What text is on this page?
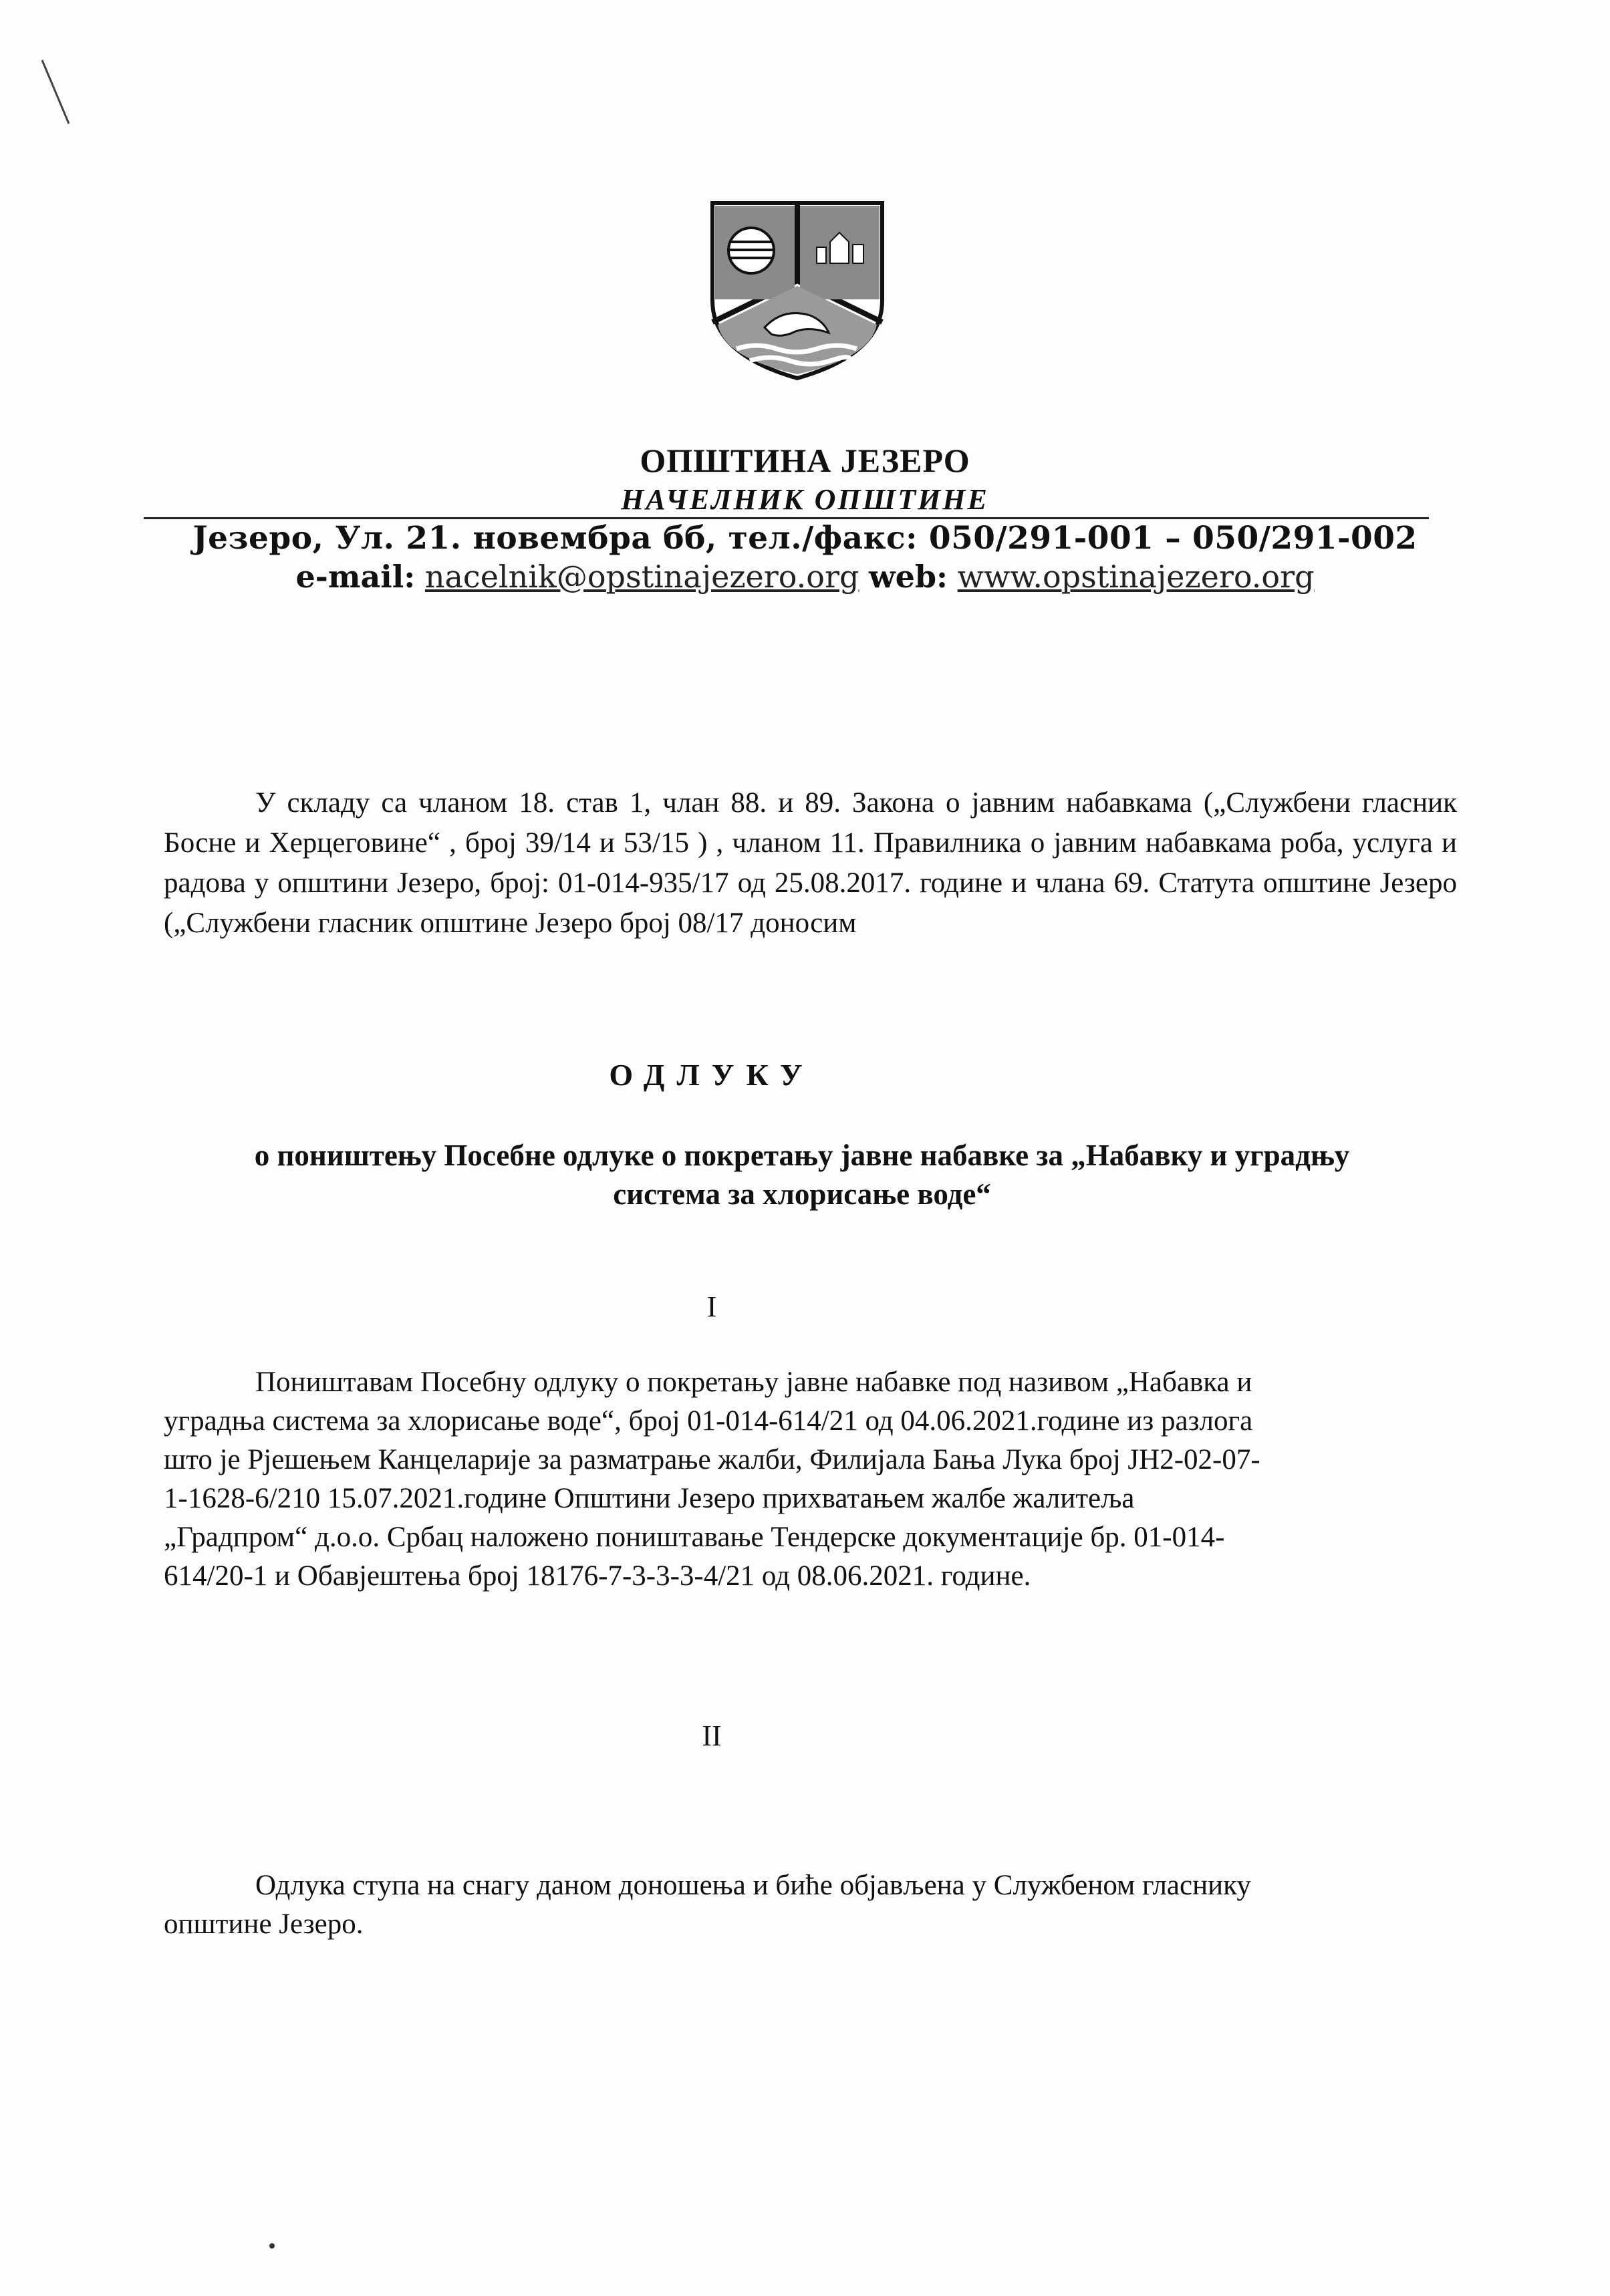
ОПШТИНА ЈЕЗЕРО
НАЧЕЛНИК ОПШТИНЕ
Језеро, Ул. 21. новембра бб, тел./факс: 050/291-001 – 050/291-002
e-mail: nacelnik@opstinajezero.org web: www.opstinajezero.org
У складу са чланом 18. став 1, члан 88. и 89. Закона о јавним набавкама („Службени гласник Босне и Херцеговине“ , број 39/14 и 53/15 ) , чланом 11. Правилника о јавним набавкама роба, услуга и радова у општини Језеро, број: 01-014-935/17 од 25.08.2017. године и члана 69. Статута општине Језеро („Службени гласник општине Језеро број 08/17 доносим
ОДЛУКУ
о поништењу Посебне одлуке о покретању јавне набавке за „Набавку и уградњу
система за хлорисање воде“
I
Поништавам Посебну одлуку о покретању јавне набавке под називом „Набавка и
уградња система за хлорисање воде“, број 01-014-614/21 од 04.06.2021.године из разлога
што је Рјешењем Канцеларије за разматрање жалби, Филијала Бања Лука број ЈН2-02-07-
1-1628-6/210 15.07.2021.године Општини Језеро прихватањем жалбе жалитеља
„Градпром“ д.о.о. Србац наложено поништавање Тендерске документације бр. 01-014-
614/20-1 и Обавјештења број 18176-7-3-3-3-4/21 од 08.06.2021. године.
II
Одлука ступа на снагу даном доношења и биће објављена у Службеном гласнику
општине Језеро.
